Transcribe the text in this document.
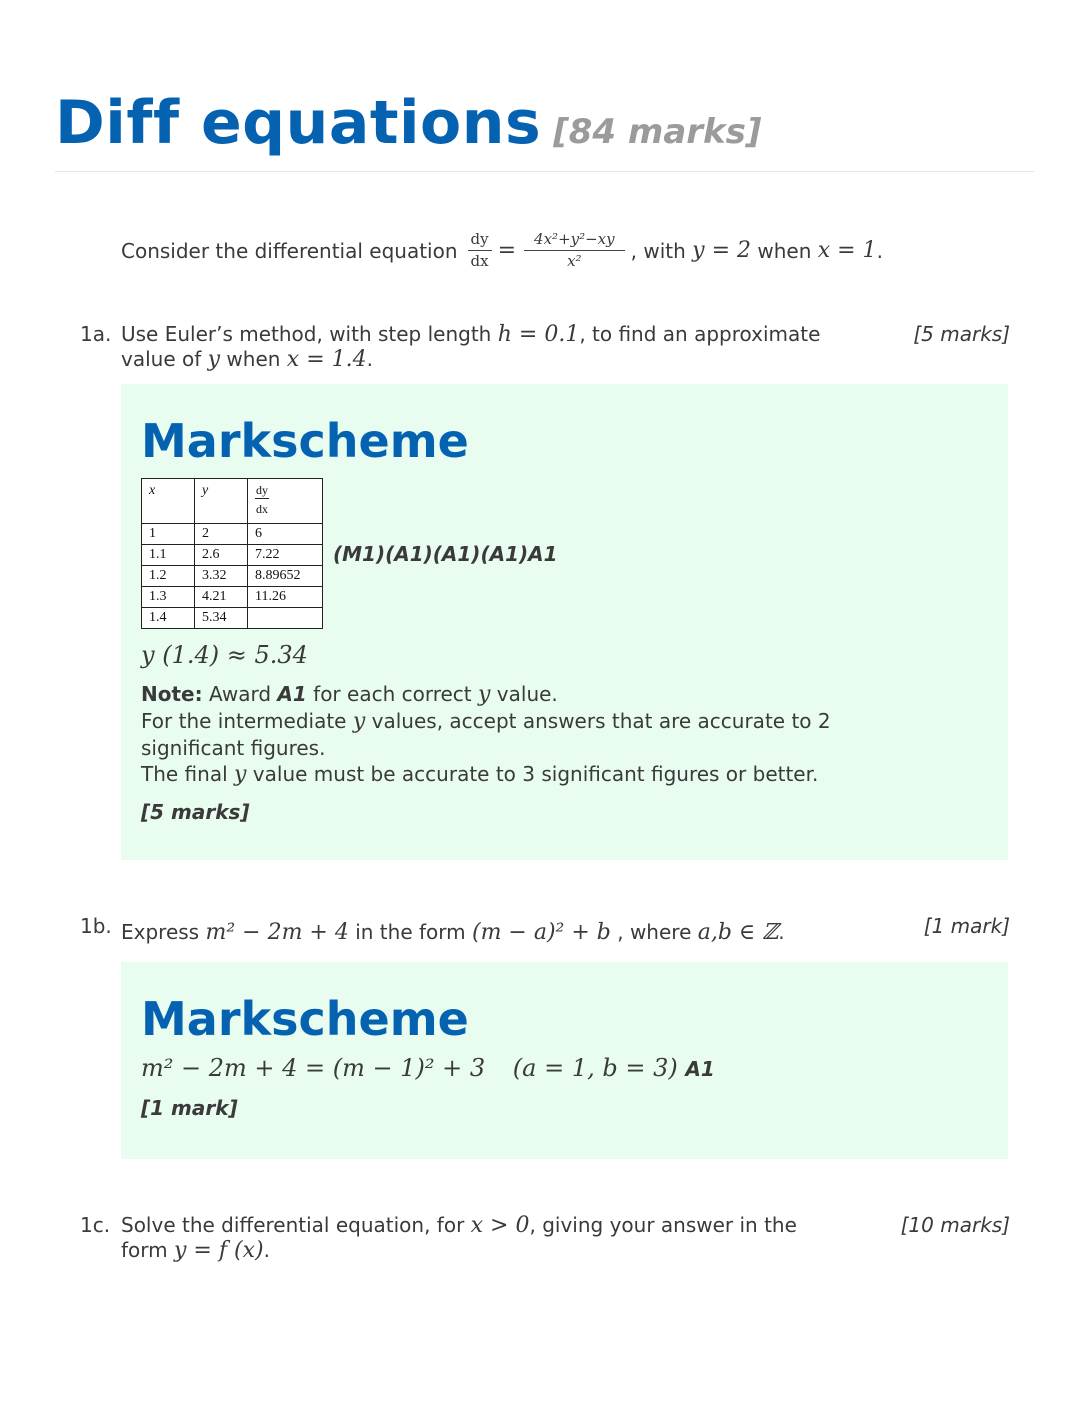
Diff equations [84 marks]
Consider the differential equation $\frac{dy}{dx} = \frac{\text{4x²+y²−xy}}{\text{x²}}$ , with
y = 2
when
x = 1 .
1a.	[5 marks]
Use Euler’s method, with step length h = 0.1, to find an approximate
value of y when x = 1.4.
Markscheme
x	y	$\frac{dy}{dx}$

1	2	6
1.1	2.6	7.22
1.2	3.32	8.89652
1.3	4.21	11.26
1.4	5.34	
(M1)(A1)(A1)(A1)A1
y (1.4) ≈ 5.34
Note: Award A1 for each correct y value.
For the intermediate y values, accept answers that are accurate to 2
significant figures.
The final y value must be accurate to 3 significant figures or better.
[5 marks]
1b.	[1 mark]
Express m² − 2m + 4 in the form (m − a)² + b , where a,b ∈ ℤ.
Markscheme
m² − 2m + 4 = (m − 1)² + 3 (a = 1, b = 3) A1
[1 mark]
1c.	[10 marks]
Solve the differential equation, for x > 0, giving your answer in the
form y = f (x).
